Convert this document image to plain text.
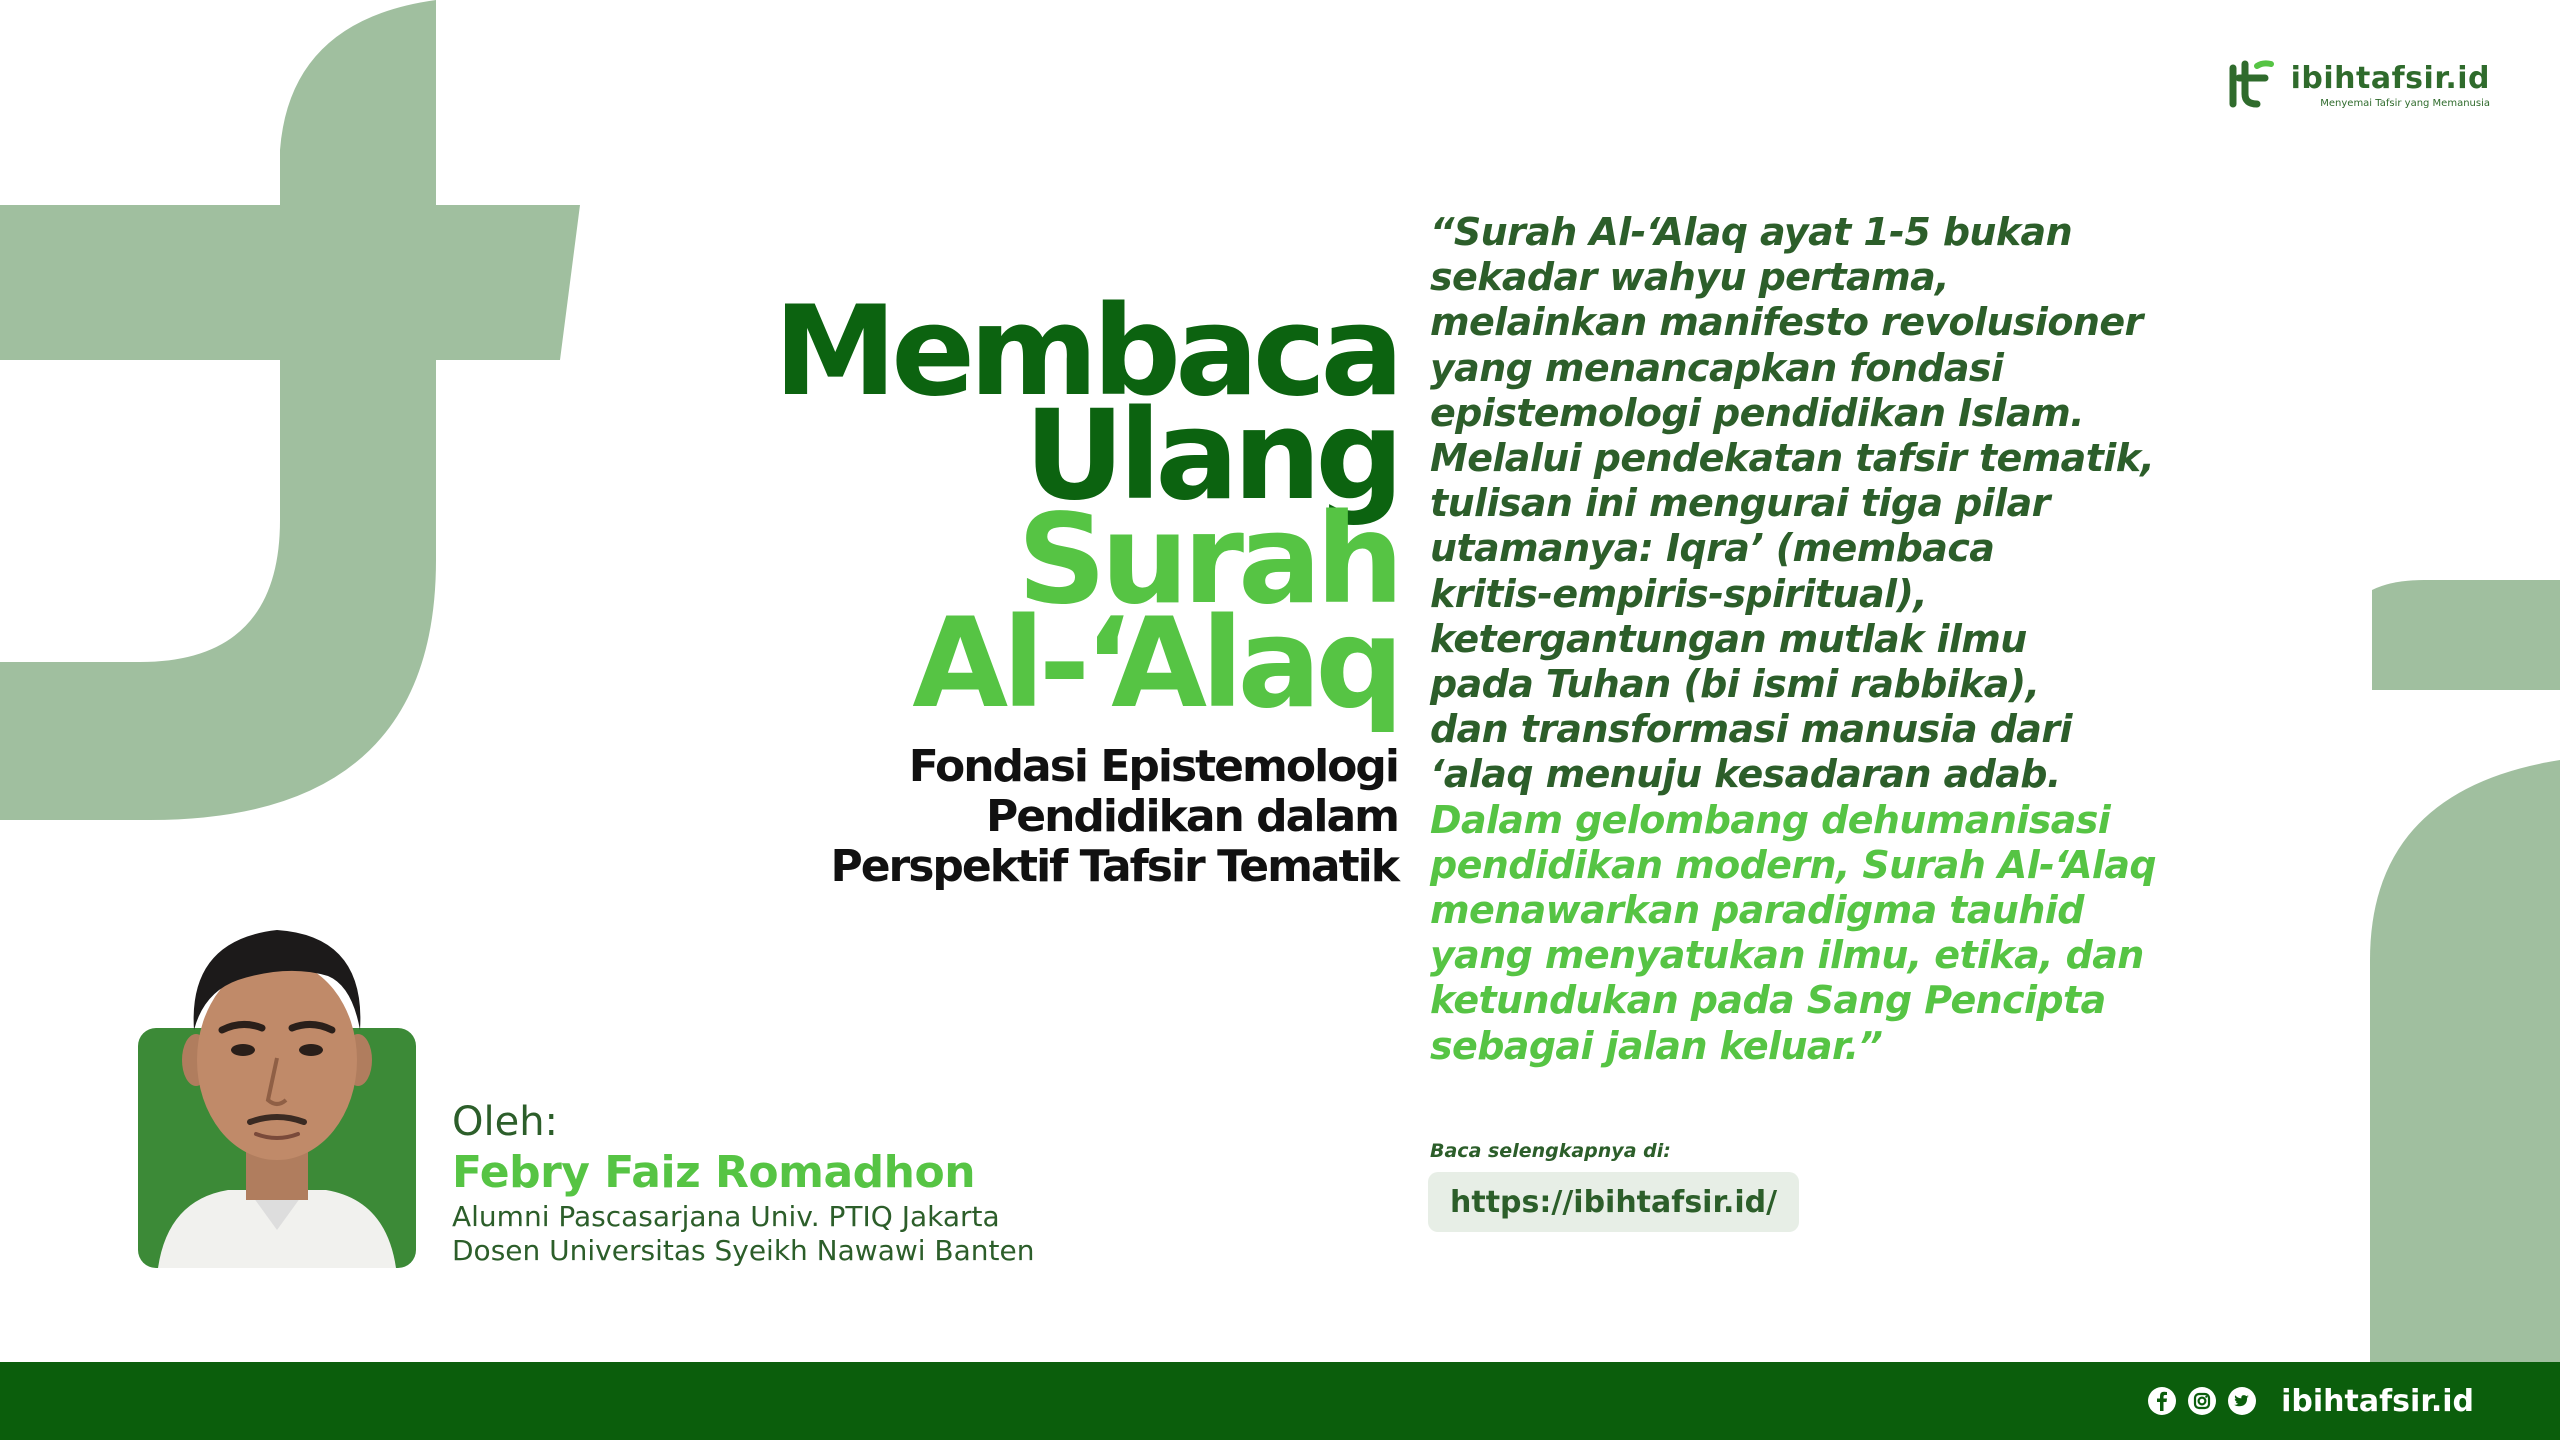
ibihtafsir.id
Menyemai Tafsir yang Memanusia
Membaca
Ulang
Surah
Al-‘Alaq
Fondasi Epistemologi
Pendidikan dalam
Perspektif Tafsir Tematik
“Surah Al-‘Alaq ayat 1-5 bukan
sekadar wahyu pertama,
melainkan manifesto revolusioner
yang menancapkan fondasi
epistemologi pendidikan Islam.
Melalui pendekatan tafsir tematik,
tulisan ini mengurai tiga pilar
utamanya: Iqra’ (membaca
kritis-empiris-spiritual),
ketergantungan mutlak ilmu
pada Tuhan (bi ismi rabbika),
dan transformasi manusia dari
‘alaq menuju kesadaran adab.
Dalam gelombang dehumanisasi
pendidikan modern, Surah Al-‘Alaq
menawarkan paradigma tauhid
yang menyatukan ilmu, etika, dan
ketundukan pada Sang Pencipta
sebagai jalan keluar.”
Baca selengkapnya di:
https://ibihtafsir.id/
Oleh:
Febry Faiz Romadhon
Alumni Pascasarjana Univ. PTIQ Jakarta
Dosen Universitas Syeikh Nawawi Banten
ibihtafsir.id
